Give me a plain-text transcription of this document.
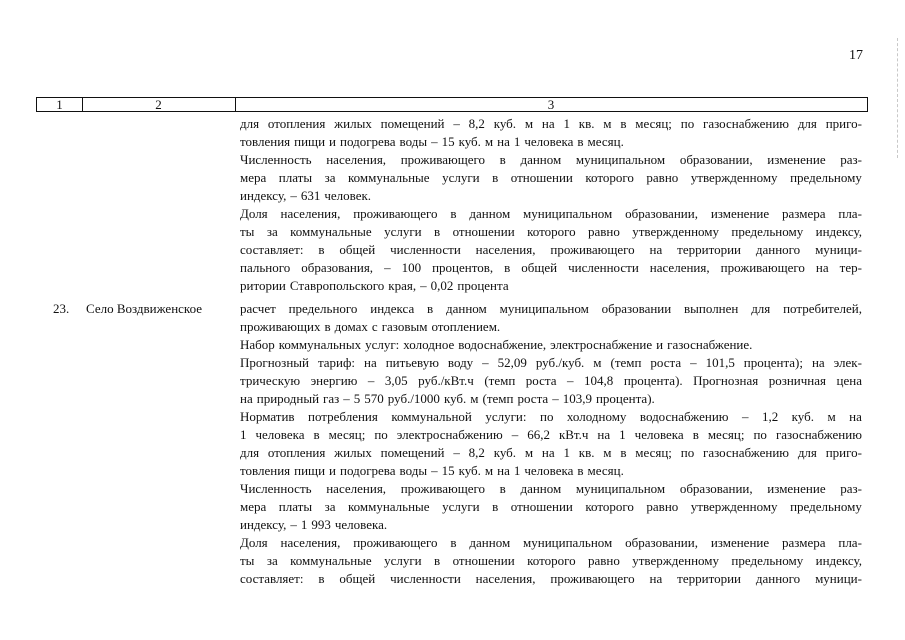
17
1	2	3
для отопления жилых помещений – 8,2 куб. м на 1 кв. м в месяц; по газоснабжению для приго-
товления пищи и подогрева воды – 15 куб. м на 1 человека в месяц.
Численность населения, проживающего в данном муниципальном образовании, изменение раз-
мера платы за коммунальные услуги в отношении которого равно утвержденному предельному
индексу, – 631 человек.
Доля населения, проживающего в данном муниципальном образовании, изменение размера пла-
ты за коммунальные услуги в отношении которого равно утвержденному предельному индексу,
составляет: в общей численности населения, проживающего на территории данного муници-
пального образования, – 100 процентов, в общей численности населения, проживающего на тер-
ритории Ставропольского края, – 0,02 процента
23. Село Воздвиженское	расчет предельного индекса в данном муниципальном образовании выполнен для потребителей,
проживающих в домах с газовым отоплением.
Набор коммунальных услуг: холодное водоснабжение, электроснабжение и газоснабжение.
Прогнозный тариф: на питьевую воду – 52,09 руб./куб. м (темп роста – 101,5 процента); на элек-
трическую энергию – 3,05 руб./кВт.ч (темп роста – 104,8 процента). Прогнозная розничная цена
на природный газ – 5 570 руб./1000 куб. м (темп роста – 103,9 процента).
Норматив потребления коммунальной услуги: по холодному водоснабжению – 1,2 куб. м на
1 человека в месяц; по электроснабжению – 66,2 кВт.ч на 1 человека в месяц; по газоснабжению
для отопления жилых помещений – 8,2 куб. м на 1 кв. м в месяц; по газоснабжению для приго-
товления пищи и подогрева воды – 15 куб. м на 1 человека в месяц.
Численность населения, проживающего в данном муниципальном образовании, изменение раз-
мера платы за коммунальные услуги в отношении которого равно утвержденному предельному
индексу, – 1 993 человека.
Доля населения, проживающего в данном муниципальном образовании, изменение размера пла-
ты за коммунальные услуги в отношении которого равно утвержденному предельному индексу,
составляет: в общей численности населения, проживающего на территории данного муници-
